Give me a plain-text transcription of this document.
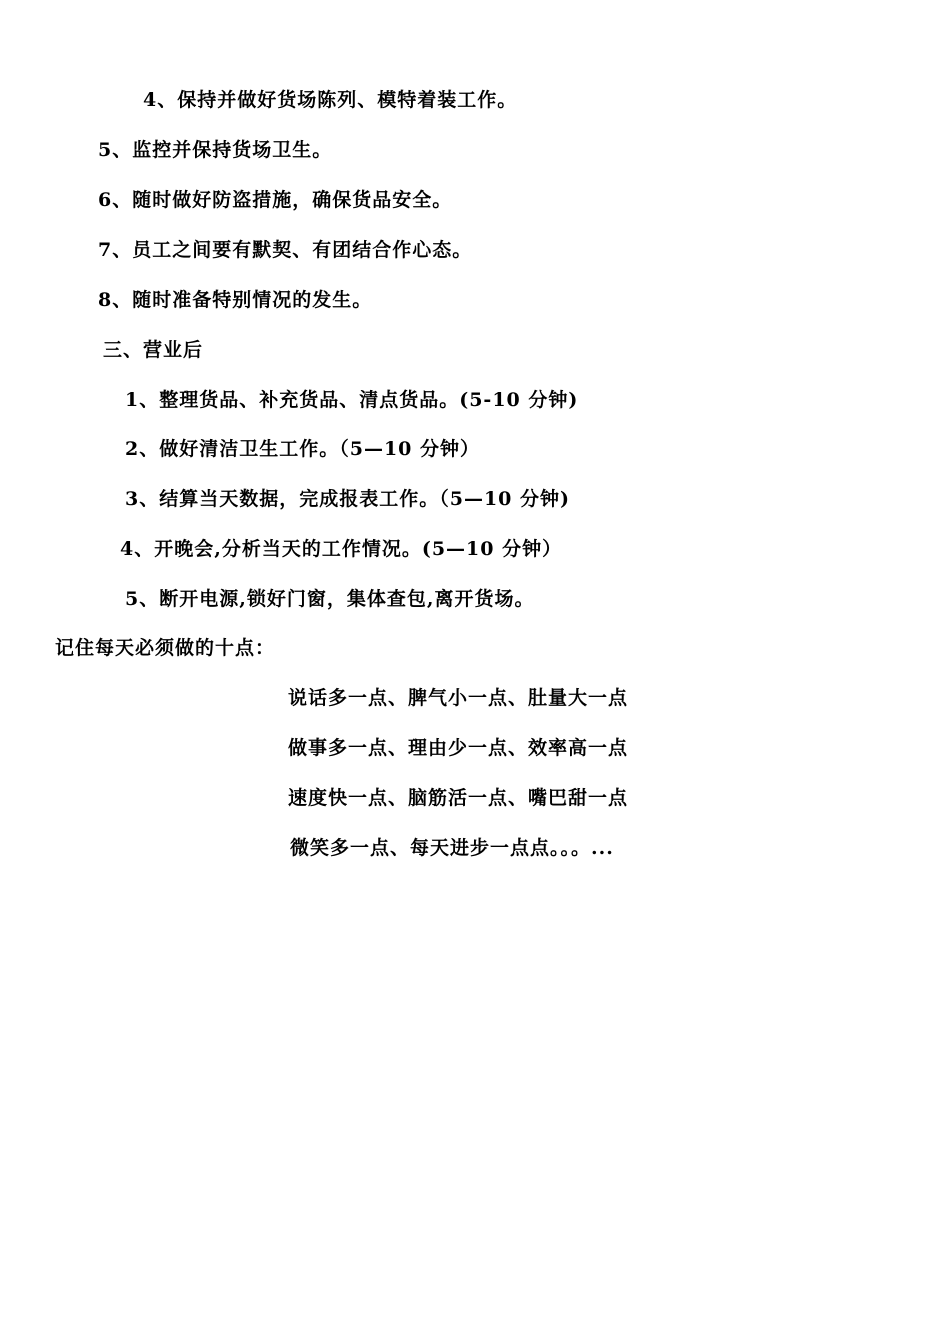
4、保持并做好货场陈列、模特着装工作。

5、监控并保持货场卫生。

6、随时做好防盗措施，确保货品安全。

7、员工之间要有默契、有团结合作心态。

8、随时准备特别情况的发生。

三、营业后

1、整理货品、补充货品、清点货品。(5-10 分钟)

2、做好清洁卫生工作。（5—10 分钟）

3、结算当天数据，完成报表工作。（5—10 分钟)

4、开晚会,分析当天的工作情况。(5—10 分钟）

5、断开电源,锁好门窗，集体查包,离开货场。

记住每天必须做的十点：

说话多一点、脾气小一点、肚量大一点

做事多一点、理由少一点、效率高一点

速度快一点、脑筋活一点、嘴巴甜一点

微笑多一点、每天进步一点点。。。...
